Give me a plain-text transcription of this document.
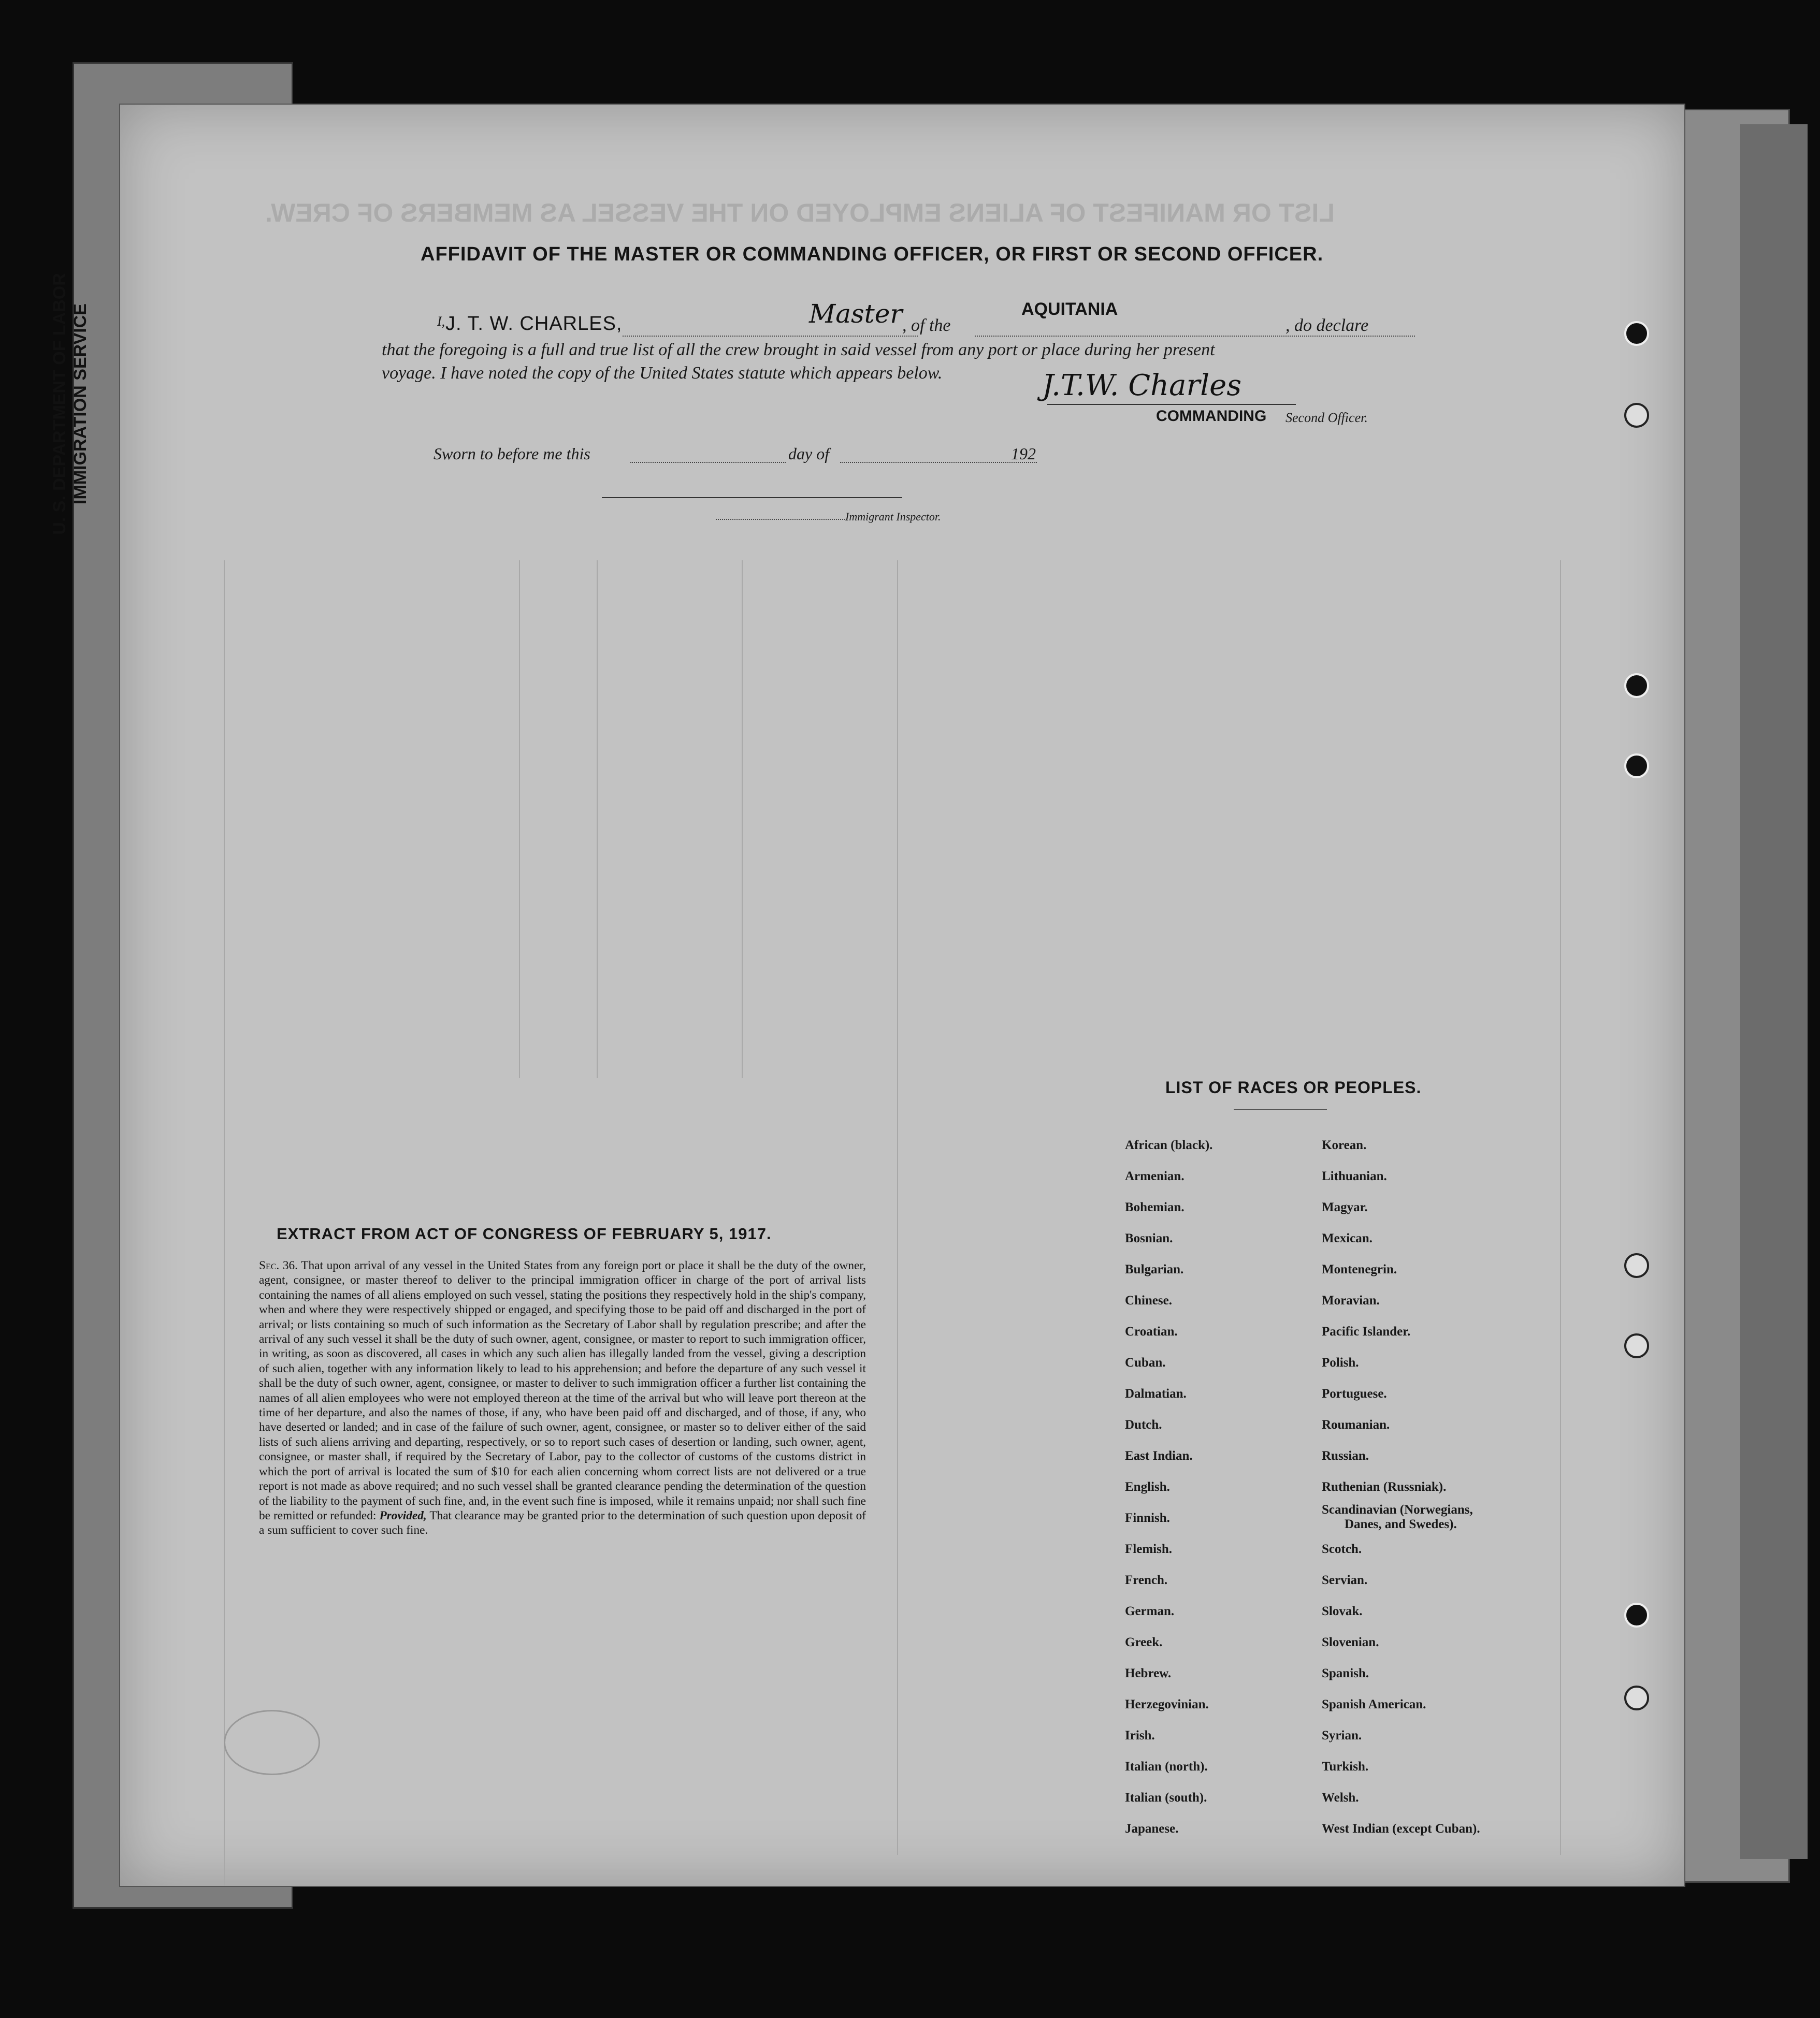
U. S. DEPARTMENT OF LABOR IMMIGRATION SERVICE
LIST OR MANIFEST OF ALIENS EMPLOYED ON THE VESSEL AS MEMBERS OF CREW.
AFFIDAVIT OF THE MASTER OR COMMANDING OFFICER, OR FIRST OR SECOND OFFICER.
$^{I,}$ J. T. W. CHARLES,	Master , of the
AQUITANIA
, do declare
that the foregoing is a full and true list of all the crew brought in said vessel from any port or place during her present
voyage. I have noted the copy of the United States statute which appears below.	J.T.W. Charles
COMMANDING Second Officer.
Sworn to before me this	day of	192
Immigrant Inspector.
EXTRACT FROM ACT OF CONGRESS OF FEBRUARY 5, 1917.
Sec. 36. That upon arrival of any vessel in the United States from any foreign port or place it shall be the duty of the owner, agent, consignee, or master thereof to deliver to the principal immigration officer in charge of the port of arrival lists containing the names of all aliens employed on such vessel, stating the positions they respectively hold in the ship's company, when and where they were respectively shipped or engaged, and specifying those to be paid off and discharged in the port of arrival; or lists containing so much of such information as the Secretary of Labor shall by regulation prescribe; and after the arrival of any such vessel it shall be the duty of such owner, agent, consignee, or master to report to such immigration officer, in writing, as soon as discovered, all cases in which any such alien has illegally landed from the vessel, giving a description of such alien, together with any information likely to lead to his apprehension; and before the departure of any such vessel it shall be the duty of such owner, agent, consignee, or master to deliver to such immigration officer a further list containing the names of all alien employees who were not employed thereon at the time of the arrival but who will leave port thereon at the time of her departure, and also the names of those, if any, who have been paid off and discharged, and of those, if any, who have deserted or landed; and in case of the failure of such owner, agent, consignee, or master so to deliver either of the said lists of such aliens arriving and departing, respectively, or so to report such cases of desertion or landing, such owner, agent, consignee, or master shall, if required by the Secretary of Labor, pay to the collector of customs of the customs district in which the port of arrival is located the sum of $10 for each alien concerning whom correct lists are not delivered or a true report is not made as above required; and no such vessel shall be granted clearance pending the determination of the question of the liability to the payment of such fine, and, in the event such fine is imposed, while it remains unpaid; nor shall such fine be remitted or refunded: Provided, That clearance may be granted prior to the determination of such question upon deposit of a sum sufficient to cover such fine.
LIST OF RACES OR PEOPLES.
African (black).
Armenian.
Bohemian.
Bosnian.
Bulgarian.
Chinese.
Croatian.
Cuban.
Dalmatian.
Dutch.
East Indian.
English.
Finnish.
Flemish.
French.
German.
Greek.
Hebrew.
Herzegovinian.
Irish.
Italian (north).
Italian (south).
Japanese.
Korean.
Lithuanian.
Magyar.
Mexican.
Montenegrin.
Moravian.
Pacific Islander.
Polish.
Portuguese.
Roumanian.
Russian.
Ruthenian (Russniak).
Scandinavian (Norwegians,
Danes, and Swedes).
Scotch.
Servian.
Slovak.
Slovenian.
Spanish.
Spanish American.
Syrian.
Turkish.
Welsh.
West Indian (except Cuban).
